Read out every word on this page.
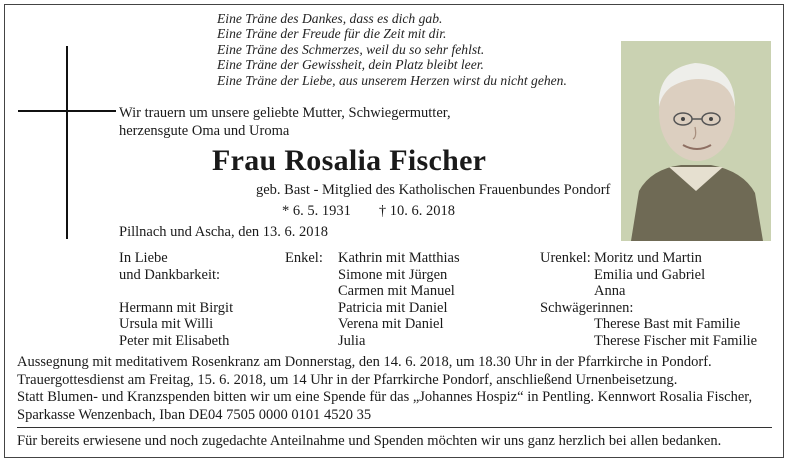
Eine Träne des Dankes, dass es dich gab.
Eine Träne der Freude für die Zeit mit dir.
Eine Träne des Schmerzes, weil du so sehr fehlst.
Eine Träne der Gewissheit, dein Platz bleibt leer.
Eine Träne der Liebe, aus unserem Herzen wirst du nicht gehen.
Wir trauern um unsere geliebte Mutter, Schwiegermutter,
herzensgute Oma und Uroma
Frau Rosalia Fischer
geb. Bast - Mitglied des Katholischen Frauenbundes Pondorf
* 6. 5. 1931 † 10. 6. 2018
Pillnach und Ascha, den 13. 6. 2018
In Liebe
und Dankbarkeit:
Hermann mit Birgit
Ursula mit Willi
Peter mit Elisabeth
Enkel: Kathrin mit Matthias
Simone mit Jürgen
Carmen mit Manuel
Patricia mit Daniel
Verena mit Daniel
Julia
Urenkel: Moritz und Martin
Emilia und Gabriel
Anna
Schwägerinnen:
Therese Bast mit Familie
Therese Fischer mit Familie
Aussegnung mit meditativem Rosenkranz am Donnerstag, den 14. 6. 2018, um 18.30 Uhr in der Pfarrkirche in Pondorf.
Trauergottesdienst am Freitag, 15. 6. 2018, um 14 Uhr in der Pfarrkirche Pondorf, anschließend Urnenbeisetzung.
Statt Blumen- und Kranzspenden bitten wir um eine Spende für das „Johannes Hospiz“ in Pentling. Kennwort Rosalia Fischer,
Sparkasse Wenzenbach, Iban DE04 7505 0000 0101 4520 35
Für bereits erwiesene und noch zugedachte Anteilnahme und Spenden möchten wir uns ganz herzlich bei allen bedanken.
